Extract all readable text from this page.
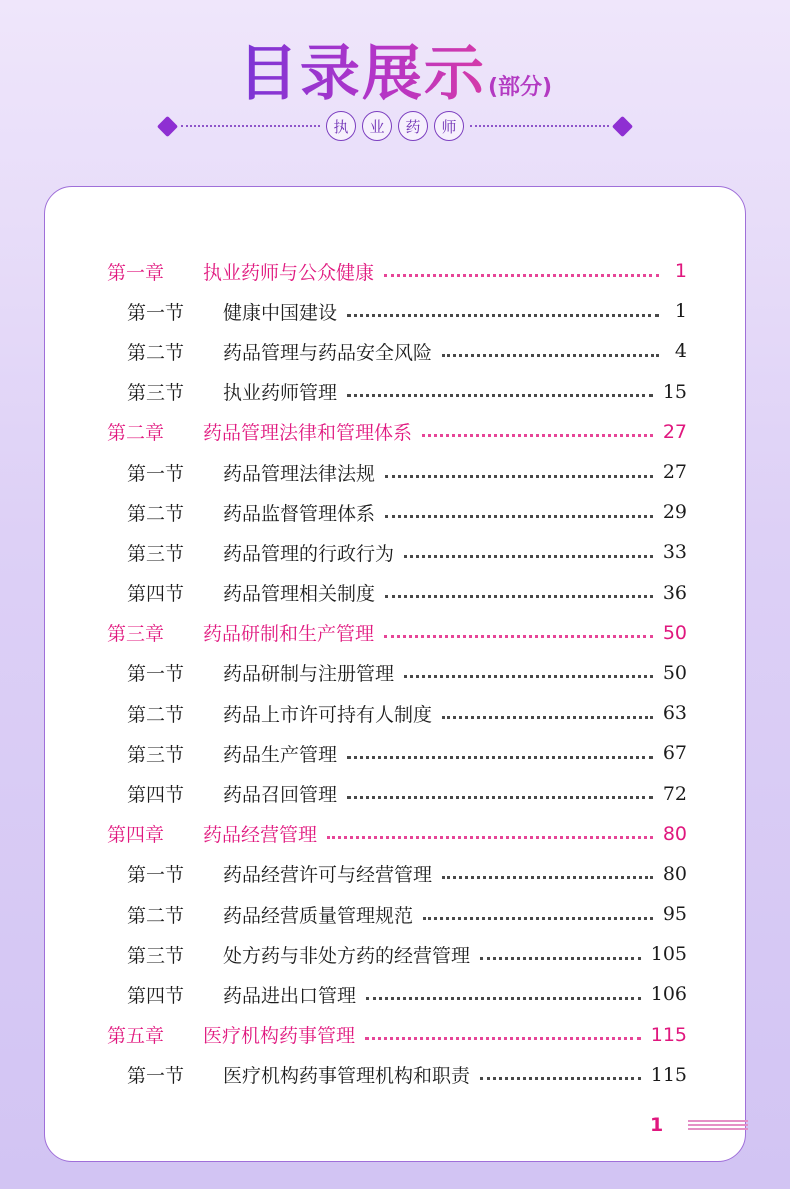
目录展示(部分)
执	业	药	师
第一章	执业药师与公众健康	1
第一节	健康中国建设	1
第二节	药品管理与药品安全风险	4
第三节	执业药师管理	15
第二章	药品管理法律和管理体系	27
第一节	药品管理法律法规	27
第二节	药品监督管理体系	29
第三节	药品管理的行政行为	33
第四节	药品管理相关制度	36
第三章	药品研制和生产管理	50
第一节	药品研制与注册管理	50
第二节	药品上市许可持有人制度	63
第三节	药品生产管理	67
第四节	药品召回管理	72
第四章	药品经营管理	80
第一节	药品经营许可与经营管理	80
第二节	药品经营质量管理规范	95
第三节	处方药与非处方药的经营管理	105
第四节	药品进出口管理	106
第五章	医疗机构药事管理	115
第一节	医疗机构药事管理机构和职责	115
1
